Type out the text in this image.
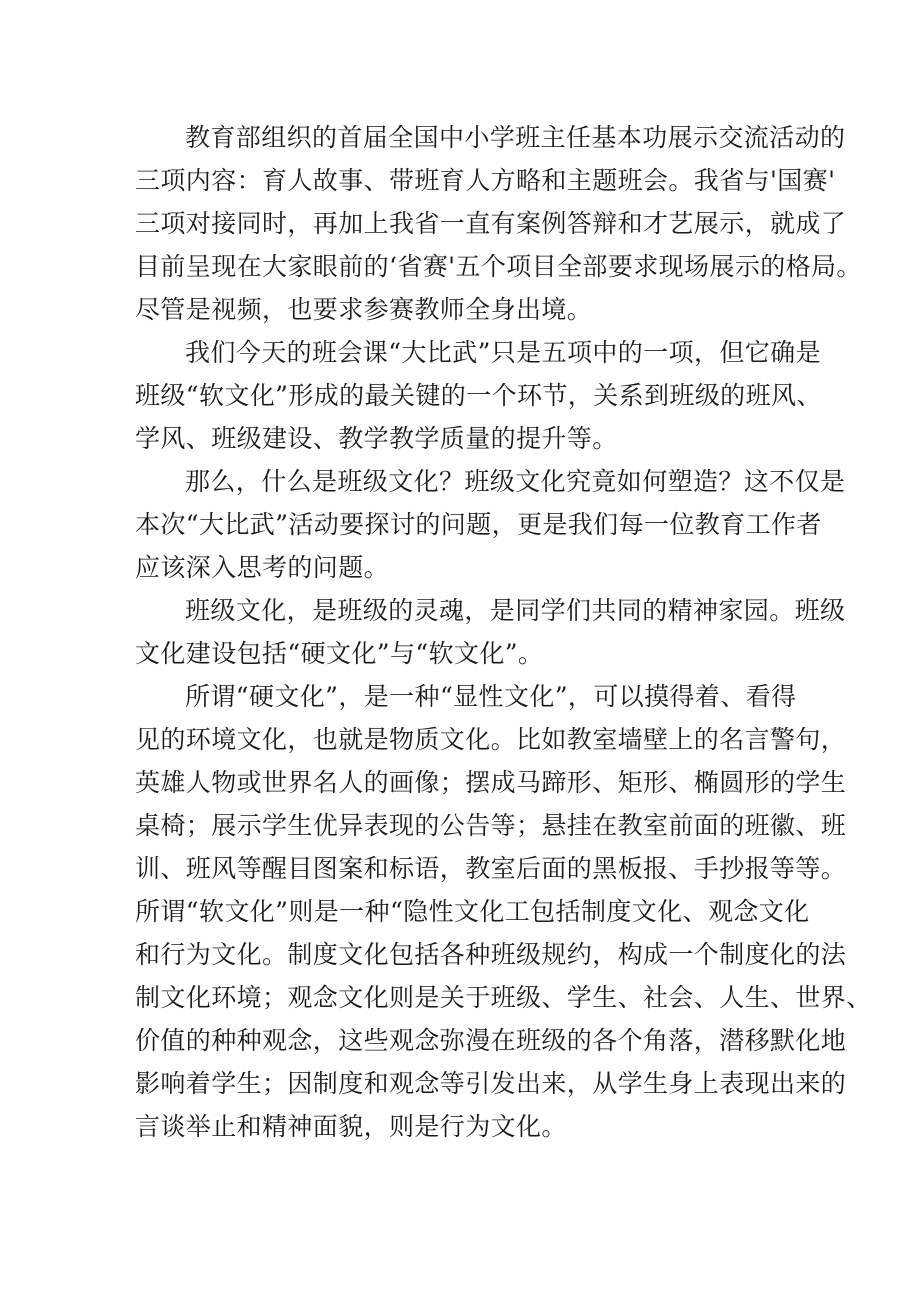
教育部组织的首届全国中小学班主任基本功展示交流活动的
三项内容：育人故事、带班育人方略和主题班会。我省与'国赛'
三项对接同时，再加上我省一直有案例答辩和才艺展示，就成了
目前呈现在大家眼前的‘省赛'五个项目全部要求现场展示的格局。
尽管是视频，也要求参赛教师全身出境。

我们今天的班会课“大比武”只是五项中的一项，但它确是
班级“软文化”形成的最关键的一个环节，关系到班级的班风、
学风、班级建设、教学教学质量的提升等。

那么，什么是班级文化？班级文化究竟如何塑造？这不仅是
本次“大比武”活动要探讨的问题，更是我们每一位教育工作者
应该深入思考的问题。

班级文化，是班级的灵魂，是同学们共同的精神家园。班级
文化建设包括“硬文化”与“软文化”。

所谓“硬文化”，是一种“显性文化”，可以摸得着、看得
见的环境文化，也就是物质文化。比如教室墙壁上的名言警句，
英雄人物或世界名人的画像；摆成马蹄形、矩形、椭圆形的学生
桌椅；展示学生优异表现的公告等；悬挂在教室前面的班徽、班
训、班风等醒目图案和标语，教室后面的黑板报、手抄报等等。
所谓“软文化”则是一种“隐性文化工包括制度文化、观念文化
和行为文化。制度文化包括各种班级规约，构成一个制度化的法
制文化环境；观念文化则是关于班级、学生、社会、人生、世界、
价值的种种观念，这些观念弥漫在班级的各个角落，潜移默化地
影响着学生；因制度和观念等引发出来，从学生身上表现出来的
言谈举止和精神面貌，则是行为文化。
